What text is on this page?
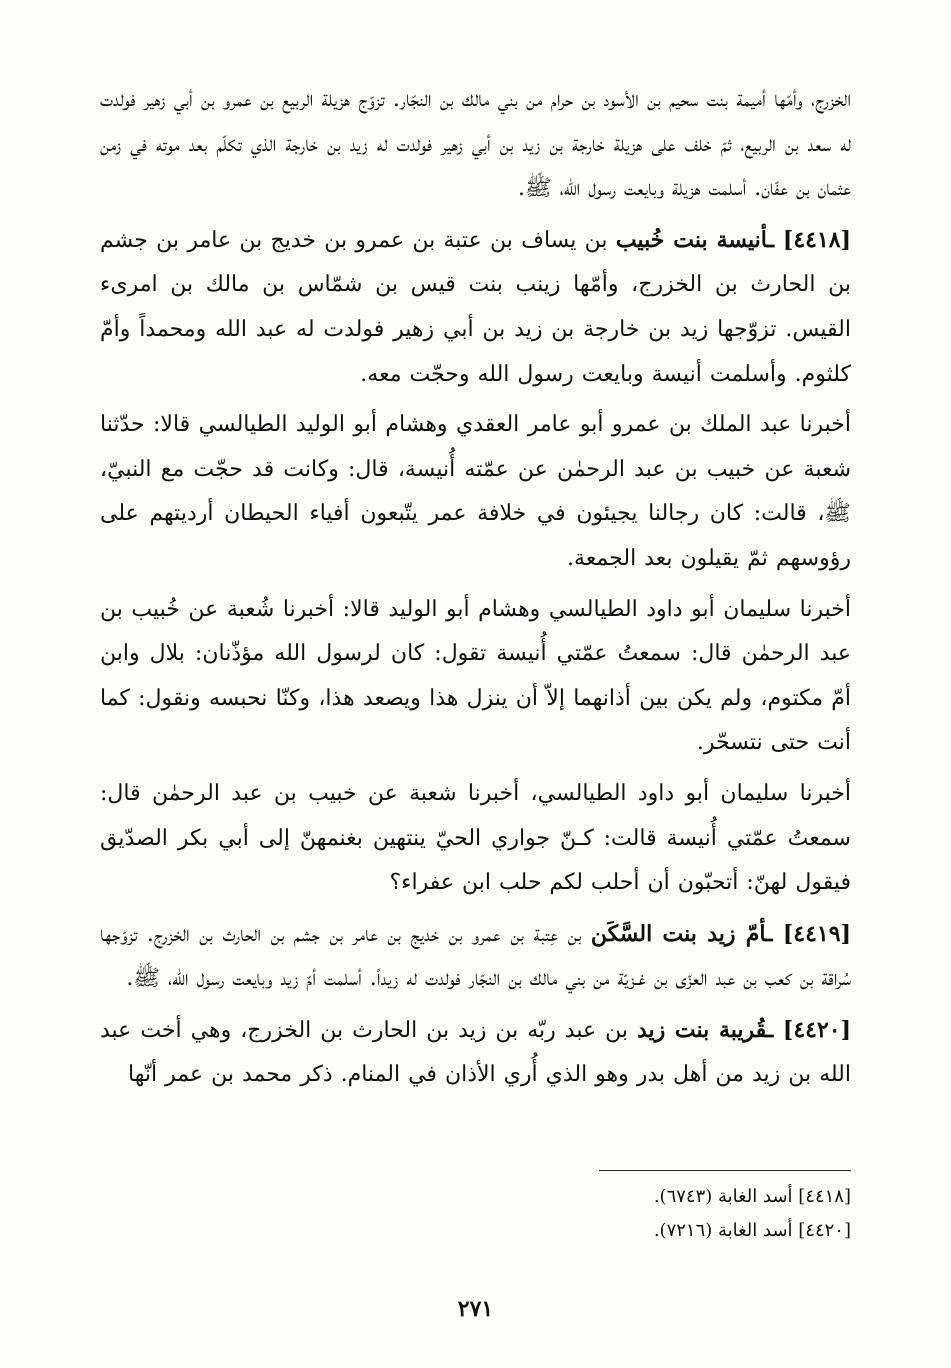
الخزرج، وأمّها أميمة بنت سحيم بن الأسود بن حرام من بني مالك بن النجّار. تزوّج هزيلة الربيع بن عمرو بن أبي زهير فولدت له سعد بن الربيع، ثمّ خلف على هزيلة خارجة بن زيد بن أبي زهير فولدت له زيد بن خارجة الذي تكلّم بعد موته في زمن عثمان بن عفّان. أسلمت هزيلة وبايعت رسول الله، ﷺ.

[٤٤١٨] ـأنيسة بنت خُبيب بن يساف بن عتبة بن عمرو بن خديج بن عامر بن جشم بن الحارث بن الخزرج، وأمّها زينب بنت قيس بن شمّاس بن مالك بن امرىء القيس. تزوّجها زيد بن خارجة بن زيد بن أبي زهير فولدت له عبد الله ومحمداً وأمّ كلثوم. وأسلمت أنيسة وبايعت رسول الله وحجّت معه.

أخبرنا عبد الملك بن عمرو أبو عامر العقدي وهشام أبو الوليد الطيالسي قالا: حدّثنا شعبة عن خبيب بن عبد الرحمٰن عن عمّته أُنيسة، قال: وكانت قد حجّت مع النبيّ، ﷺ، قالت: كان رجالنا يجيئون في خلافة عمر يتّبعون أفياء الحيطان أرديتهم على رؤوسهم ثمّ يقيلون بعد الجمعة.

أخبرنا سليمان أبو داود الطيالسي وهشام أبو الوليد قالا: أخبرنا شُعبة عن خُبيب بن عبد الرحمٰن قال: سمعتُ عمّتي أُنيسة تقول: كان لرسول الله مؤذّنان: بلال وابن أمّ مكتوم، ولم يكن بين أذانهما إلاّ أن ينزل هذا ويصعد هذا، وكنّا نحبسه ونقول: كما أنت حتى نتسحّر.

أخبرنا سليمان أبو داود الطيالسي، أخبرنا شعبة عن خبيب بن عبد الرحمٰن قال: سمعتُ عمّتي أُنيسة قالت: كـنّ جواري الحيّ ينتهين بغنمهنّ إلى أبي بكر الصدّيق فيقول لهنّ: أتحبّون أن أحلب لكم حلب ابن عفراء؟

[٤٤١٩] ـأمّ زيد بنت السَّكَن بن عِتبة بن عمرو بن خديج بن عامر بن جشم بن الحارث بن الخزرج. تزوّجها سُراقة بن كعب بن عبد العزّى بن غـزيّة من بني مالك بن النجّار فولدت له زيداً. أسلمت أمّ زيد وبايعت رسول الله، ﷺ.

[٤٤٢٠] ـقُريبة بنت زيد بن عبد ربّه بن زيد بن الحارث بن الخزرج، وهي أخت عبد الله بن زيد من أهل بدر وهو الذي أُري الأذان في المنام. ذكر محمد بن عمر أنّها

[٤٤١٨] أسد الغابة (٦٧٤٣).
[٤٤٢٠] أسد الغابة (٧٢١٦).
٢٧١
